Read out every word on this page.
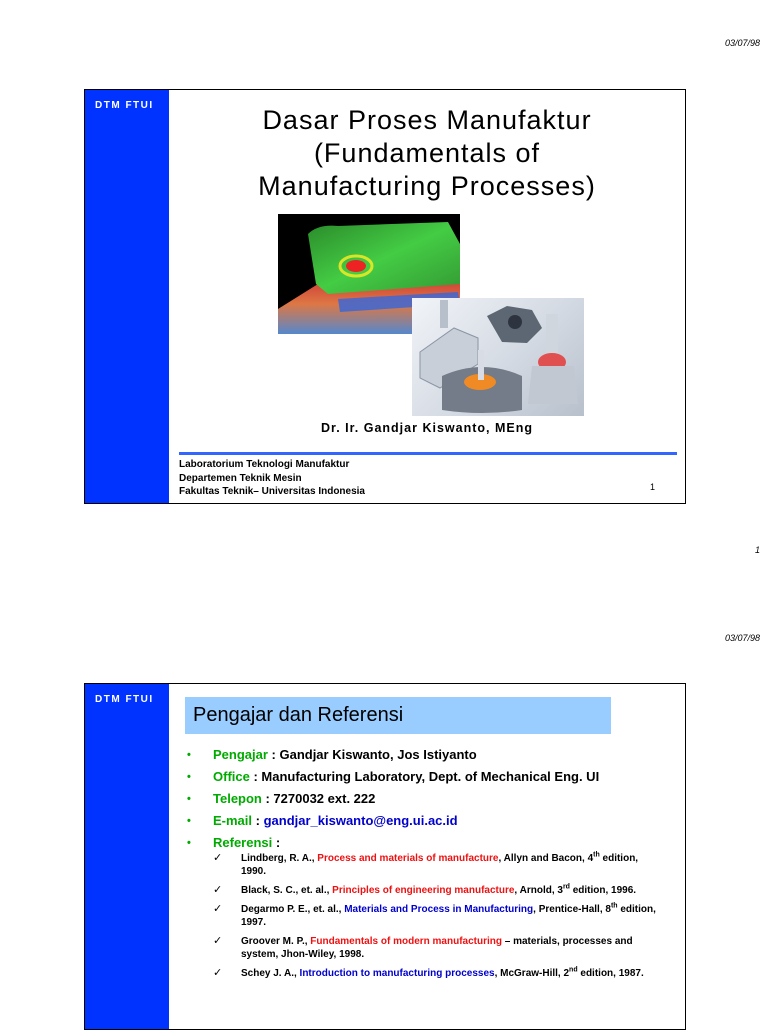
03/07/98
DTM FTUI	Dasar Proses Manufaktur
(Fundamentals of
Manufacturing Processes)
Dr. Ir. Gandjar Kiswanto, MEng
Laboratorium Teknologi Manufaktur
Departemen Teknik Mesin
Fakultas Teknik– Universitas Indonesia	1
1
03/07/98
DTM FTUI
Pengajar dan Referensi
• Pengajar : Gandjar Kiswanto, Jos Istiyanto
• Office : Manufacturing Laboratory, Dept. of Mechanical Eng. UI
• Telepon : 7270032 ext. 222
• E-mail : gandjar_kiswanto@eng.ui.ac.id
• Referensi :
✓ Lindberg, R. A., Process and materials of manufacture, Allyn and Bacon, 4th edition, 1990.
✓ Black, S. C., et. al., Principles of engineering manufacture, Arnold, 3rd edition, 1996.
✓ Degarmo P. E., et. al., Materials and Process in Manufacturing, Prentice-Hall, 8th edition, 1997.
✓ Groover M. P., Fundamentals of modern manufacturing – materials, processes and system, Jhon-Wiley, 1998.
✓ Schey J. A., Introduction to manufacturing processes, McGraw-Hill, 2nd edition, 1987.
